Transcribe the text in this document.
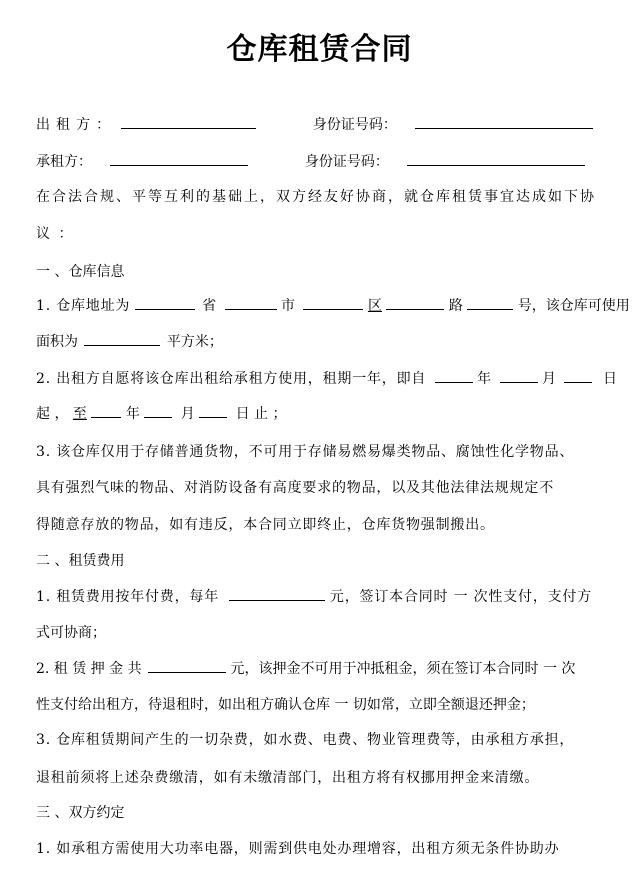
仓库租赁合同
出 租 方 ：	身份证号码：
承租方：	身份证号码：
在合法合规、平等互利的基础上，双方经友好协商，就仓库租赁事宜达成如下协
议 ：
一 、仓库信息
1. 仓库地址为	省	市	区	路	号，该仓库可使用
面积为	平方米；
2. 出租方自愿将该仓库出租给承租方使用，租期一年，即自	年	月	日
起 ， 至	年	月	日 止 ；
3. 该仓库仅用于存储普通货物，不可用于存储易燃易爆类物品、腐蚀性化学物品、
具有强烈气味的物品、对消防设备有高度要求的物品，以及其他法律法规规定不
得随意存放的物品，如有违反，本合同立即终止，仓库货物强制搬出。
二 、租赁费用
1. 租赁费用按年付费，每年	元，签订本合同时 一 次性支付，支付方
式可协商；
2. 租 赁 押 金 共	元，该押金不可用于冲抵租金，须在签订本合同时 一 次
性支付给出租方，待退租时，如出租方确认仓库 一 切如常，立即全额退还押金；
3. 仓库租赁期间产生的一切杂费，如水费、电费、物业管理费等，由承租方承担，
退租前须将上述杂费缴清，如有未缴清部门，出租方将有权挪用押金来清缴。
三 、双方约定
1. 如承租方需使用大功率电器，则需到供电处办理增容，出租方须无条件协助办
